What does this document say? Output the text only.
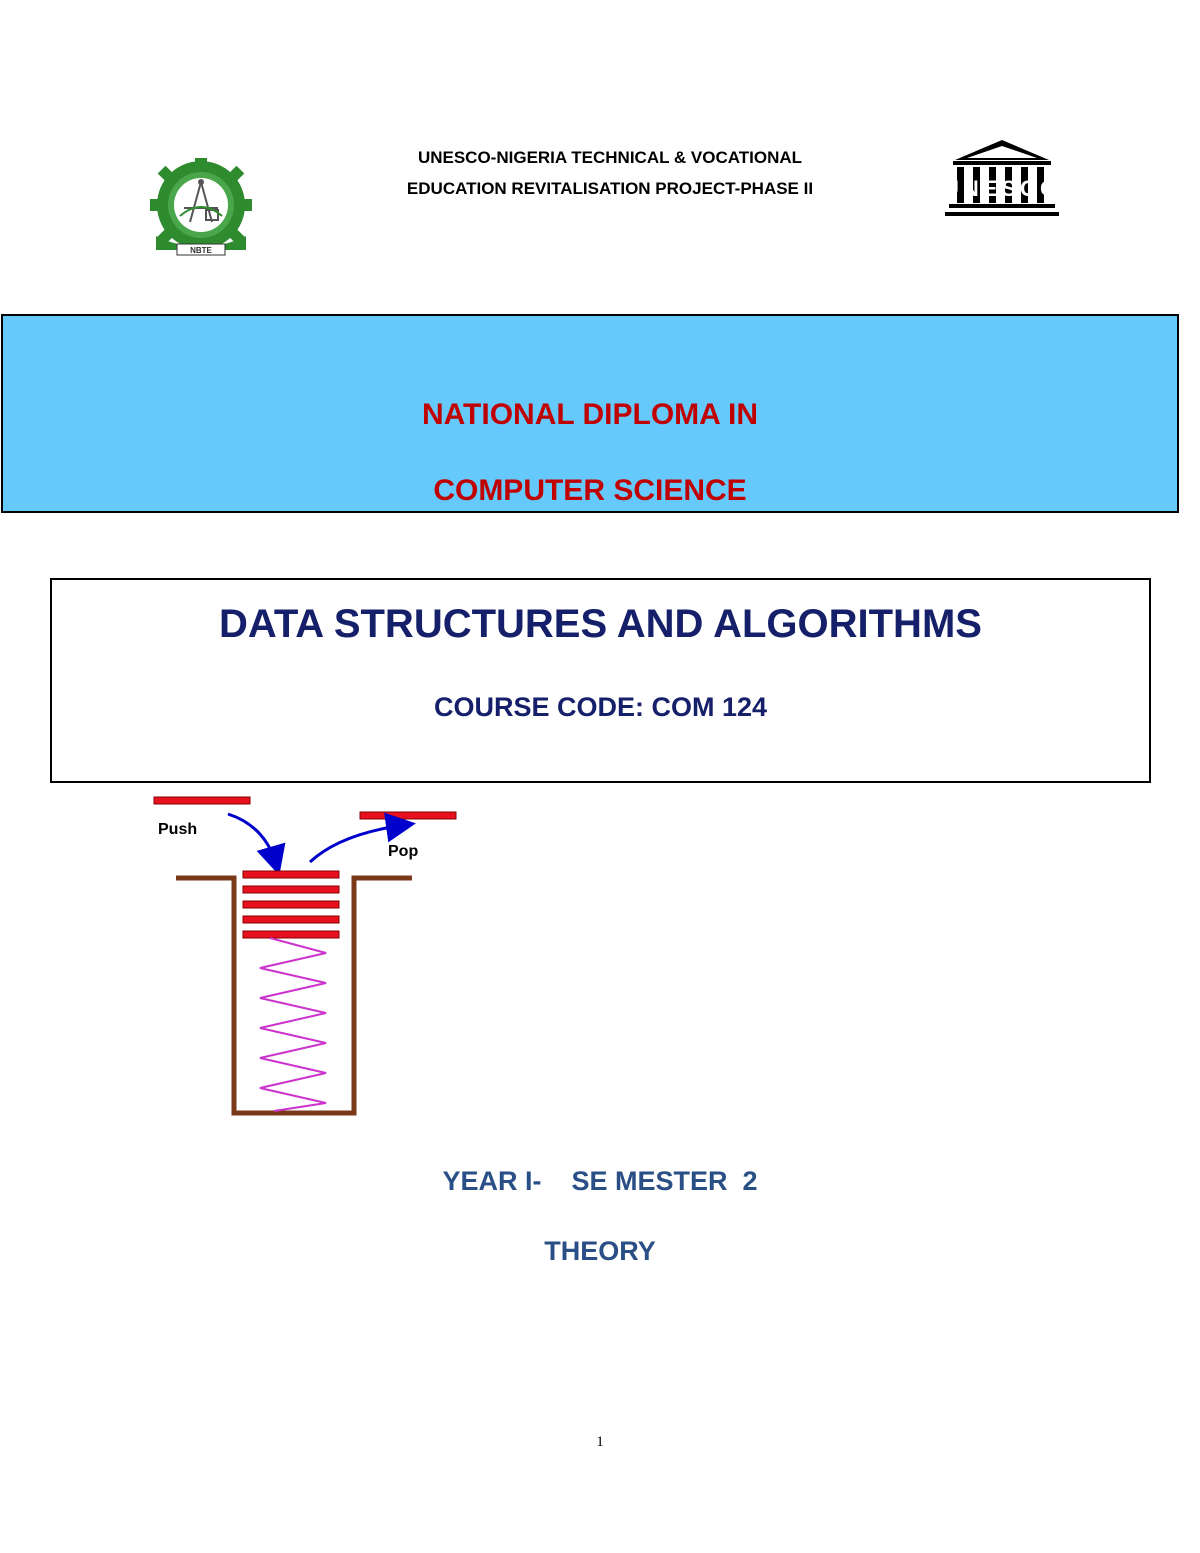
UNESCO-NIGERIA TECHNICAL & VOCATIONAL
EDUCATION REVITALISATION PROJECT-PHASE II
NBTE
UNESCO
NATIONAL DIPLOMA IN
COMPUTER SCIENCE
DATA STRUCTURES AND ALGORITHMS
COURSE CODE: COM 124
Push
Pop
YEAR I-    SE MESTER  2
THEORY
1
